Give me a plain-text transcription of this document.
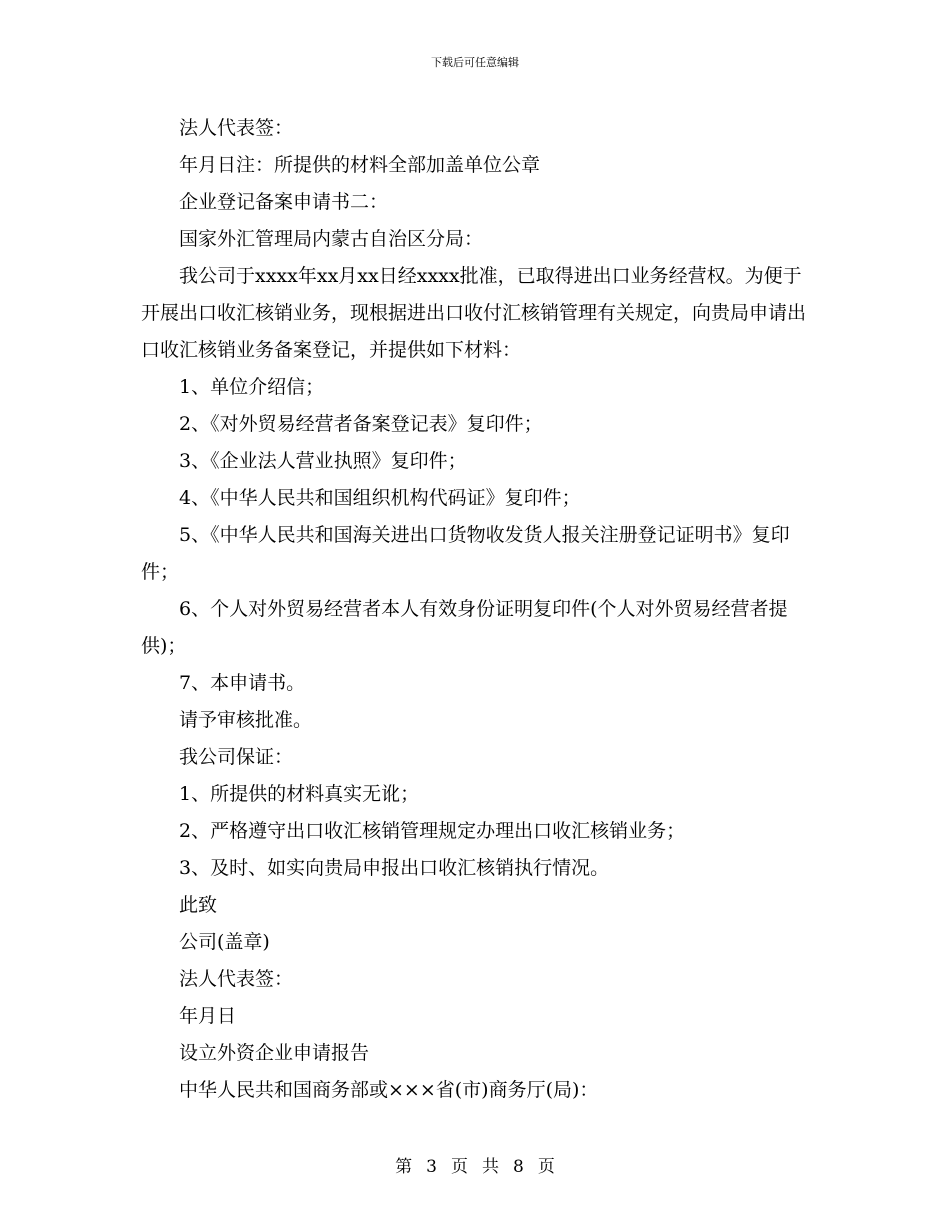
下载后可任意编辑

法人代表签：

年月日注：所提供的材料全部加盖单位公章

企业登记备案申请书二：

国家外汇管理局内蒙古自治区分局：

我公司于xxxx年xx月xx日经xxxx批准，已取得进出口业务经营权。为便于开展出口收汇核销业务，现根据进出口收付汇核销管理有关规定，向贵局申请出口收汇核销业务备案登记，并提供如下材料：

1、单位介绍信；

2、《对外贸易经营者备案登记表》复印件；

3、《企业法人营业执照》复印件；

4、《中华人民共和国组织机构代码证》复印件；

5、《中华人民共和国海关进出口货物收发货人报关注册登记证明书》复印件；

6、个人对外贸易经营者本人有效身份证明复印件(个人对外贸易经营者提供)；

7、本申请书。

请予审核批准。

我公司保证：

1、所提供的材料真实无讹；

2、严格遵守出口收汇核销管理规定办理出口收汇核销业务；

3、及时、如实向贵局申报出口收汇核销执行情况。

此致

公司(盖章)

法人代表签：

年月日

设立外资企业申请报告

中华人民共和国商务部或×××省(市)商务厅(局)：

第 3 页 共 8 页
